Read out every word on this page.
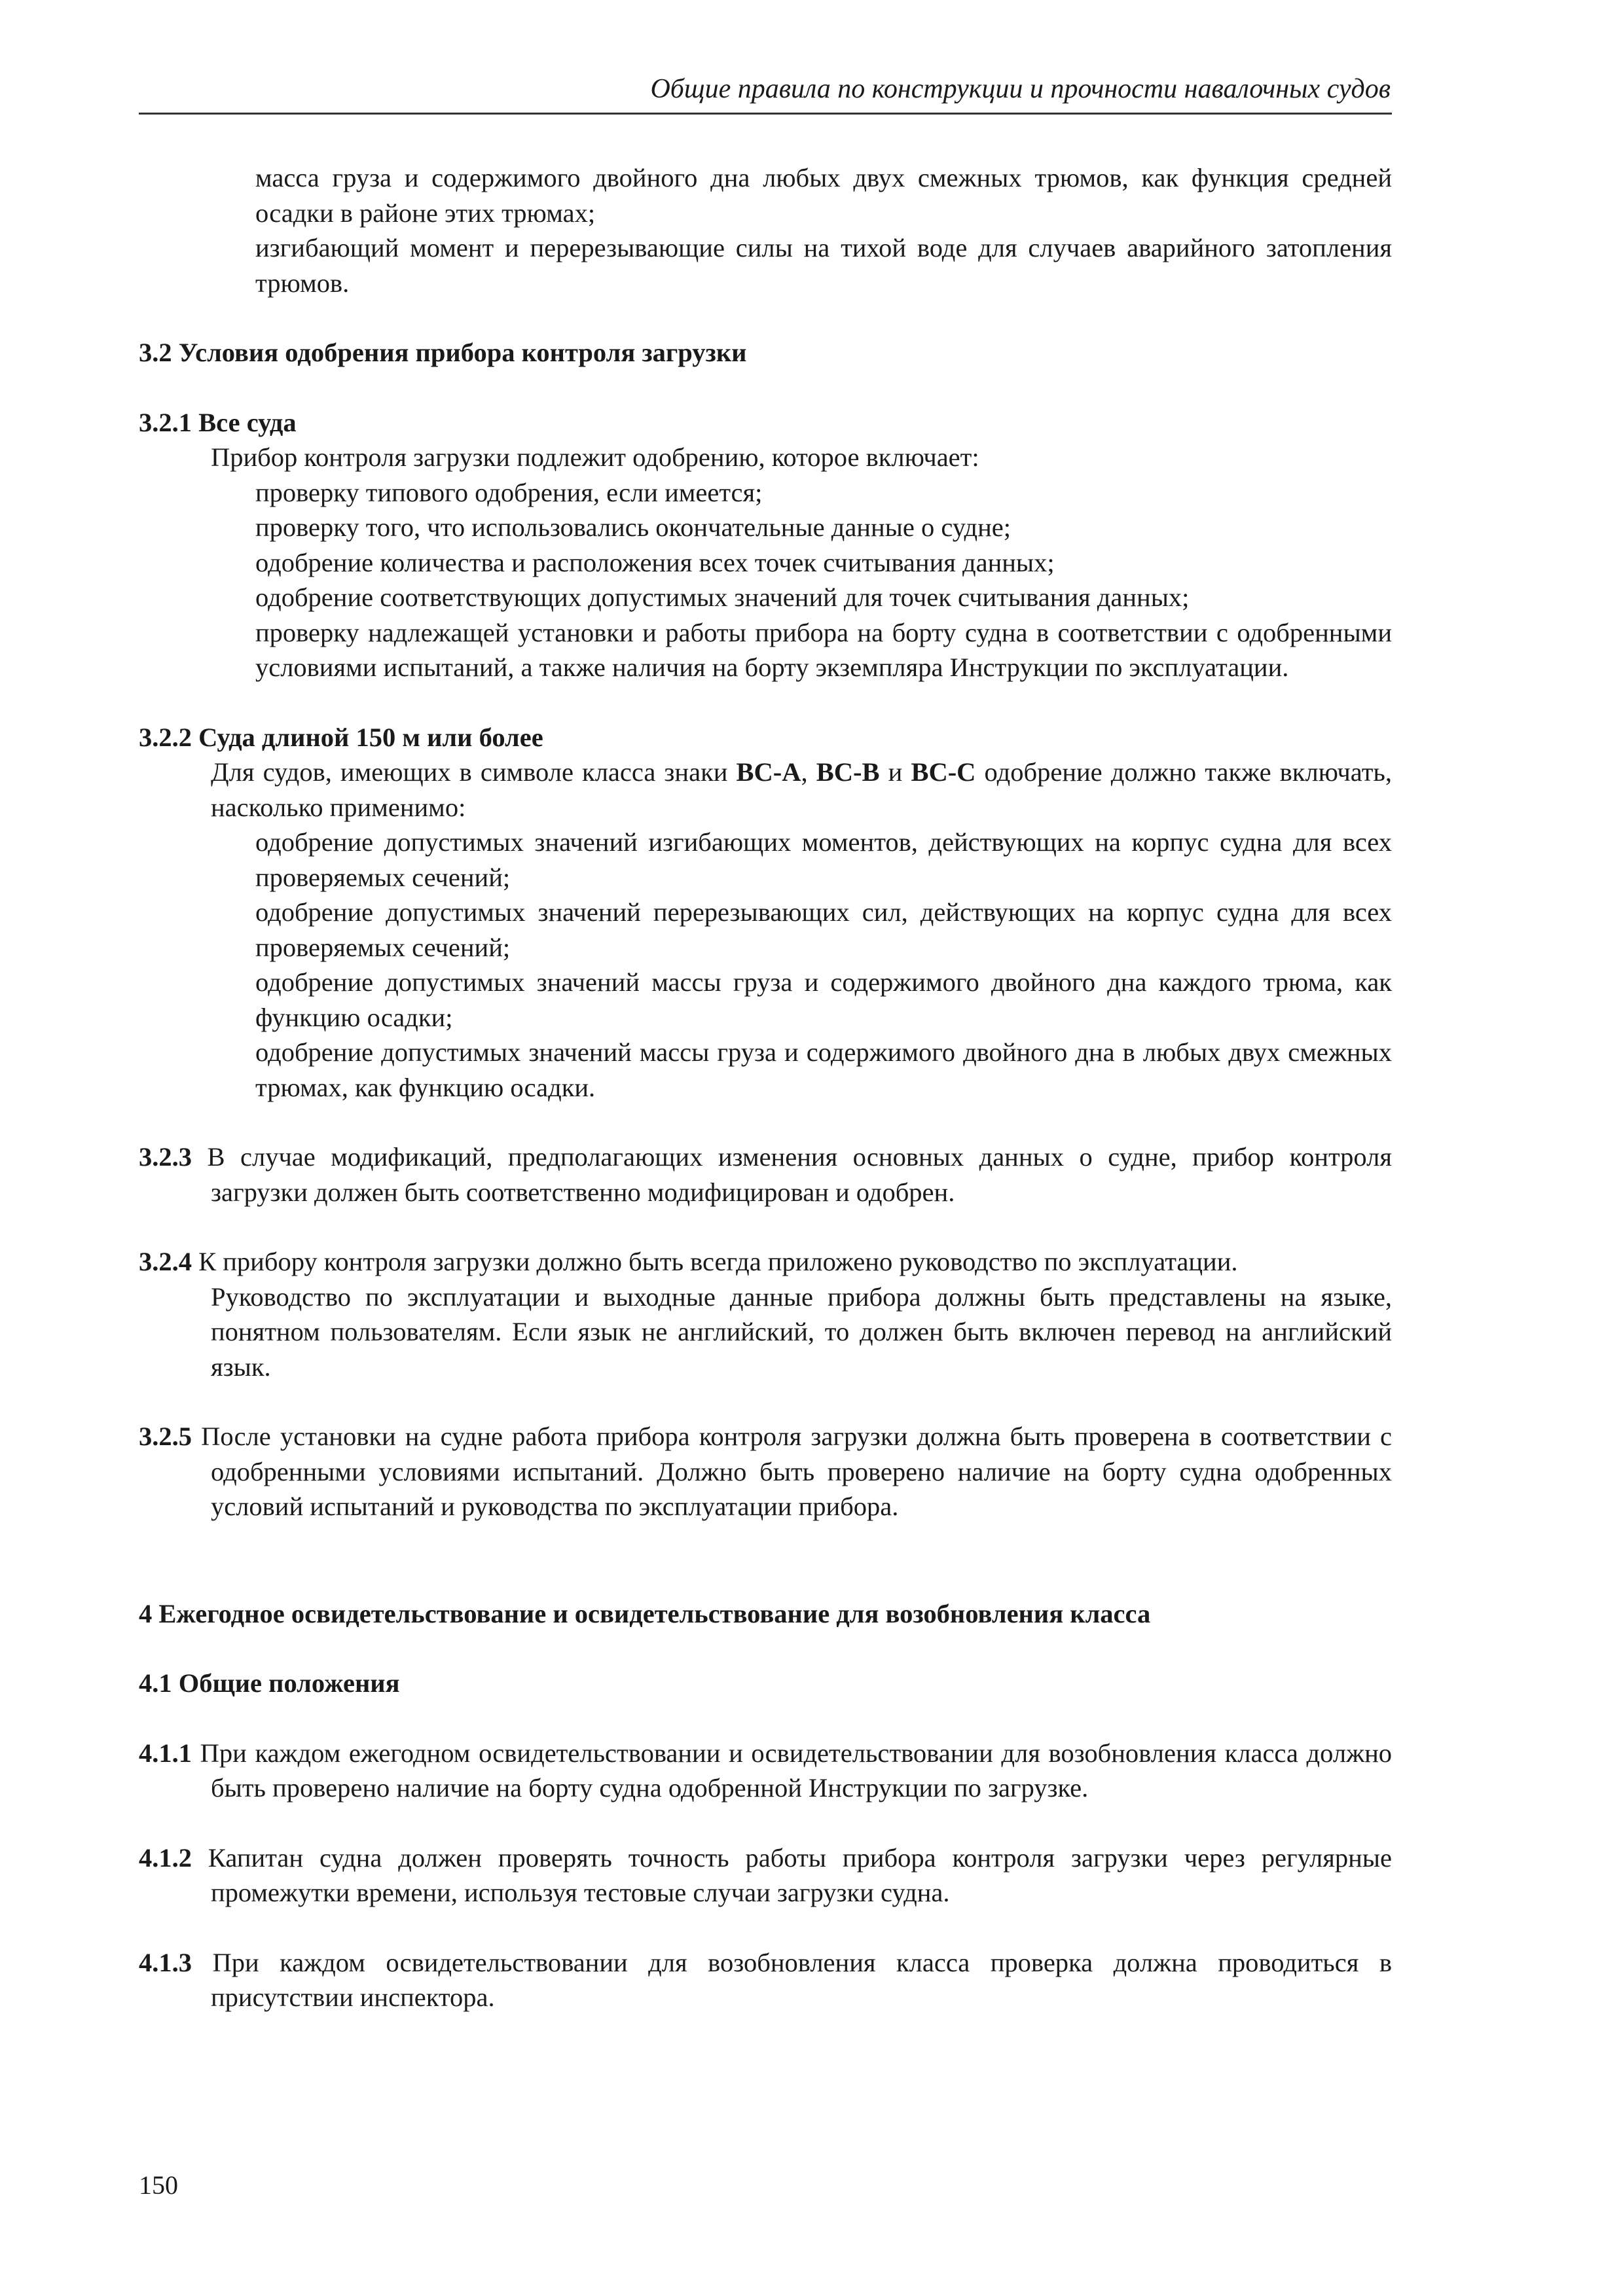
Общие правила по конструкции и прочности навалочных судов

масса груза и содержимого двойного дна любых двух смежных трюмов, как функция средней осадки в районе этих трюмах;

изгибающий момент и перерезывающие силы на тихой воде для случаев аварийного затопления трюмов.

3.2 Условия одобрения прибора контроля загрузки

3.2.1 Все суда

Прибор контроля загрузки подлежит одобрению, которое включает:

проверку типового одобрения, если имеется;

проверку того, что использовались окончательные данные о судне;

одобрение количества и расположения всех точек считывания данных;

одобрение соответствующих допустимых значений для точек считывания данных;

проверку надлежащей установки и работы прибора на борту судна в соответствии с одобренными условиями испытаний, а также наличия на борту экземпляра Инструкции по эксплуатации.

3.2.2 Суда длиной 150 м или более

Для судов, имеющих в символе класса знаки BC-A, BC-B и BC-C одобрение должно также включать, насколько применимо:

одобрение допустимых значений изгибающих моментов, действующих на корпус судна для всех проверяемых сечений;

одобрение допустимых значений перерезывающих сил, действующих на корпус судна для всех проверяемых сечений;

одобрение допустимых значений массы груза и содержимого двойного дна каждого трюма, как функцию осадки;

одобрение допустимых значений массы груза и содержимого двойного дна в любых двух смежных трюмах, как функцию осадки.

3.2.3 В случае модификаций, предполагающих изменения основных данных о судне, прибор контроля загрузки должен быть соответственно модифицирован и одобрен.

3.2.4 К прибору контроля загрузки должно быть всегда приложено руководство по эксплуатации.

Руководство по эксплуатации и выходные данные прибора должны быть представлены на языке, понятном пользователям. Если язык не английский, то должен быть включен перевод на английский язык.

3.2.5 После установки на судне работа прибора контроля загрузки должна быть проверена в соответствии с одобренными условиями испытаний. Должно быть проверено наличие на борту судна одобренных условий испытаний и руководства по эксплуатации прибора.

4 Ежегодное освидетельствование и освидетельствование для возобновления класса

4.1 Общие положения

4.1.1 При каждом ежегодном освидетельствовании и освидетельствовании для возобновления класса должно быть проверено наличие на борту судна одобренной Инструкции по загрузке.

4.1.2 Капитан судна должен проверять точность работы прибора контроля загрузки через регулярные промежутки времени, используя тестовые случаи загрузки судна.

4.1.3 При каждом освидетельствовании для возобновления класса проверка должна проводиться в присутствии инспектора.

150
